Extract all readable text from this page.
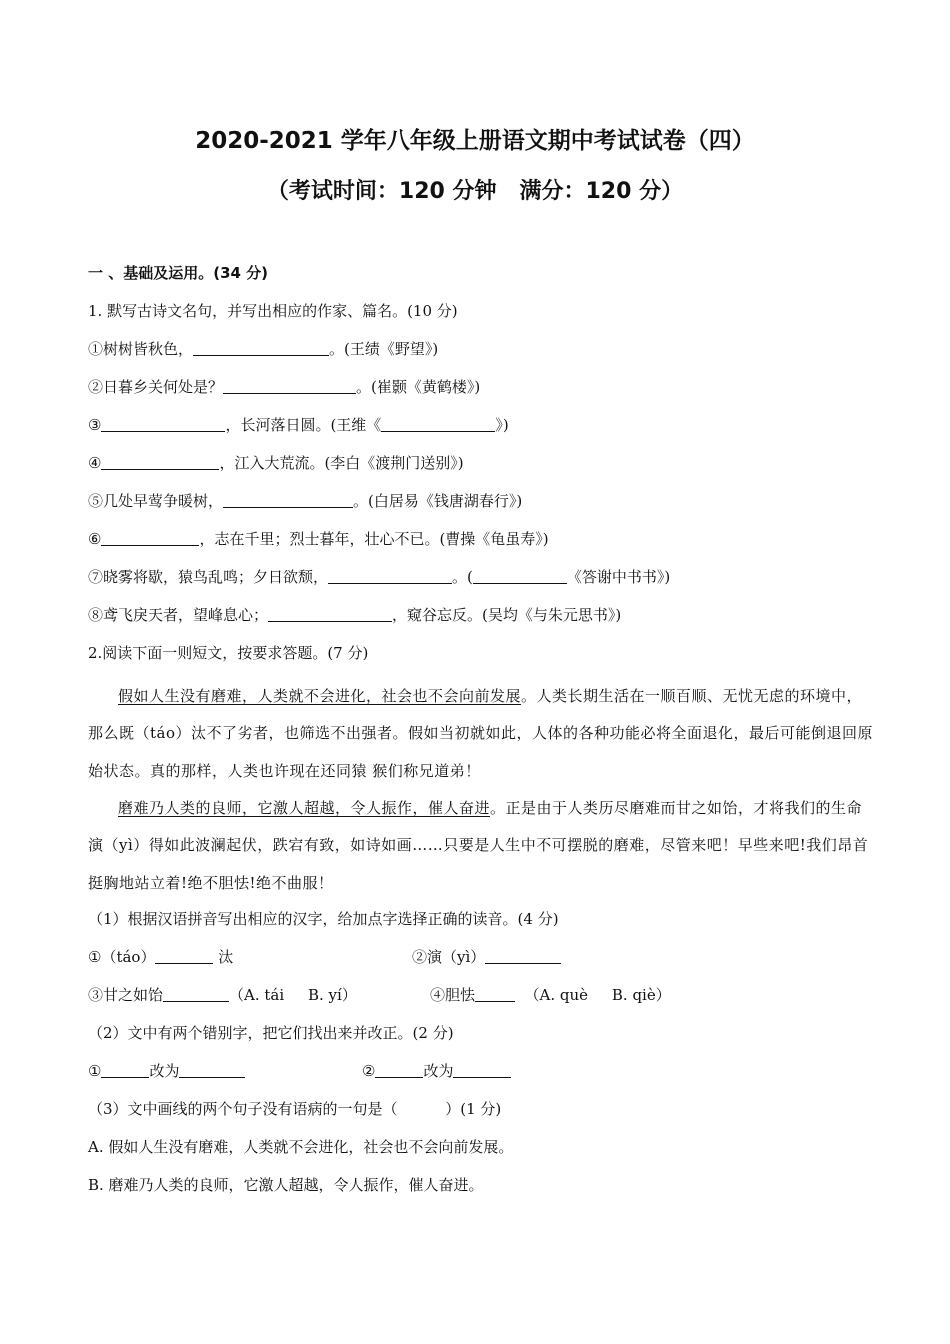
2020-2021 学年八年级上册语文期中考试试卷（四）
（考试时间：120 分钟   满分：120 分）
一 、基础及运用。(34 分)
1. 默写古诗文名句，并写出相应的作家、篇名。(10 分)
①树树皆秋色，	。(王绩《野望》)
②日暮乡关何处是？	。(崔颢《黄鹤楼》)
③	，长河落日圆。(王维《	》)
④	，江入大荒流。(李白《渡荆门送别》)
⑤几处早莺争暖树，	。(白居易《钱唐湖春行》)
⑥	，志在千里；烈士暮年，壮心不已。(曹操《龟虽寿》)
⑦晓雾将歇，猿鸟乱鸣；夕日欲颓，	。(	《答谢中书书》)
⑧鸢飞戾天者，望峰息心；	，窥谷忘反。(吴均《与朱元思书》)
2.阅读下面一则短文，按要求答题。(7 分)
假如人生没有磨难，人类就不会进化，社会也不会向前发展。人类长期生活在一顺百顺、无忧无虑的环境中，那么既（táo）汰不了劣者，也筛选不出强者。假如当初就如此，人体的各种功能必将全面退化，最后可能倒退回原始状态。真的那样，人类也许现在还同猿 猴们称兄道弟！
磨难乃人类的良师，它激人超越，令人振作，催人奋进。正是由于人类历尽磨难而甘之如饴，才将我们的生命演（yì）得如此波澜起伏，跌宕有致，如诗如画……只要是人生中不可摆脱的磨难，尽管来吧！早些来吧!我们昂首挺胸地站立着!绝不胆怯!绝不曲服！
（1）根据汉语拼音写出相应的汉字，给加点字选择正确的读音。(4 分)
①（táo）	汰	②演（yì）
③甘之如饴	（A. tái     B. yí）	④胆怯	（A. què     B. qiè）
（2）文中有两个错别字，把它们找出来并改正。(2 分)
①	改为	②	改为
（3）文中画线的两个句子没有语病的一句是（          ）(1 分)
A. 假如人生没有磨难，人类就不会进化，社会也不会向前发展。
B. 磨难乃人类的良师，它激人超越，令人振作，催人奋进。
